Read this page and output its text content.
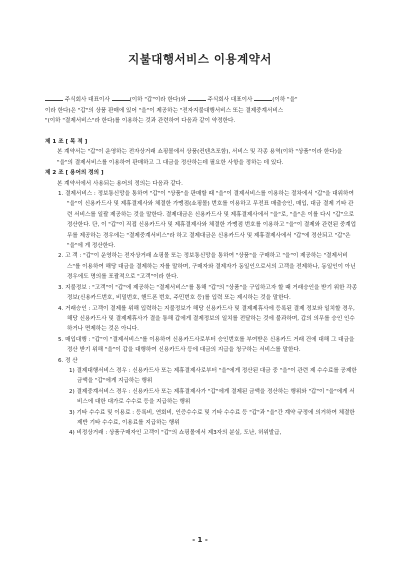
지불대행서비스 이용계약서

주식회사 대표이사	(이하 "갑"이라 한다)와	주식회사 대표이사	(이하 "을"

이라 한다)은 "갑"의 상품 판매에 있어 "을"이 제공하는 "전자지불대행서비스 또는 결제중계서비스

"(이하 "결제서비스"라 한다)를 이용하는 것과 관련하여 다음과 같이 약정한다.

제 1 조 [ 목 적 ]

본 계약서는 "갑"이 운영하는 전자상거래 쇼핑몰에서 상품(컨텐츠포함), 서비스 및 각종 용역(이하 "상품"이라 한다)을 "을"의 결제서비스를 이용하여 판매하고 그 대금을 정산하는데 필요한 사항을 정하는 데 있다.

제 2 조 [ 용어의 정의 ]

본 계약서에서 사용되는 용어의 정의는 다음과 같다.

1. 결제서비스 : 정보통신망을 통하여 "갑"이 "상품"을 판매할 때 "을"이 결제서비스를 이용하는 절차에서 "갑"을 대위하여 "을"이 신용카드사 및 제휴결제사와 체결한 가맹점(쇼핑몰) 번호를 이용하고 무전표 매출승인, 매입, 대금 결제 기타 관련 서비스를 일괄 제공하는 것을 말한다. 결제대금은 신용카드사 및 제휴결제사에서 "을"로, "을"은 이를 다시 "갑"으로 정산한다. 단, 이 "갑"이 직접 신용카드사 및 제휴결제사와 체결한 가맹점 번호를 이용하고 "을"이 결제와 관련된 중계업무를 제공하는 경우에는 "결제중계서비스"라 하고 결제대금은 신용카드사 및 제휴결제사에서 "갑"에 정산되고 "갑"은 "을"에 게 정산한다.

2. 고 객 : "갑"이 운영하는 전자상거래 쇼핑몰 또는 정보통신망을 통하여 "상품"을 구매하고 "을"이 제공하는 "결제서비스"를 이용하여 해당 대금을 결제하는 자를 말하며, 구매자와 결제자가 동일인으로서의 고객을 전제하나, 동일인이 아닌 경우에도 명의를 포괄적으로 "고객"이라 한다.

3. 지불정보 : "고객"이 "갑"에 제공하는 "결제서비스"를 통해 "갑"의 "상품"을 구입하고자 할 때 거래승인을 받기 위한 각종 정보(신용카드번호, 비밀번호, 핸드폰 번호, 주민번호 등)를 입력 또는 제시하는 것을 말한다.

4. 거래승인 : 고객이 결제를 위해 입력하는 지불정보가 해당 신용카드사 및 결제제휴사에 등록된 결제 정보와 일치할 경우, 해당 신용카드사 및 결제제휴사가 결을 통해 갑에게 결제정보의 일치를 전달하는 것에 불과하며, 갑의 의무를 승인 인수하거나 면제하는 것은 아니다.

5. 매입대행 : "갑"이 "결제서비스"를 이용하여 신용카드사로부터 승인번호를 부여받은 신용카드 거래 건에 대해 그 대금을 정산 받기 위해 "을"이 갑을 대행하여 신용카드사 등에 대금의 지급을 청구하는 서비스를 말한다.

6. 정 산

1) 결제대행서비스 경우 : 신용카드사 또는 제휴결제사로부터 "을"에게 정산된 대금 중 "을"이 관련 제 수수료를 공제한 금액을 "갑"에게 지급하는 행위

2) 결제중계서비스 경우 : 신용카드사 또는 제휴결제사가 "갑"에게 결제된 금액을 정산하는 행위와 "갑"이 "을"에게 서비스에 대한 대가로 수수료 등을 지급하는 행위

3) 기타 수수료 및 이용료 : 등록비, 연회비, 인증수수료 및 기타 수수료 등 "갑"과 "을"간 계약 규정에 의거하여 체결한 제반 기타 수수료, 이용료를 지급하는 행위

4) 비정상거래 : 상품구매자인 고객이 "갑"의 쇼핑몰에서 제3자의 분실, 도난, 허위발급,

- 1 -
